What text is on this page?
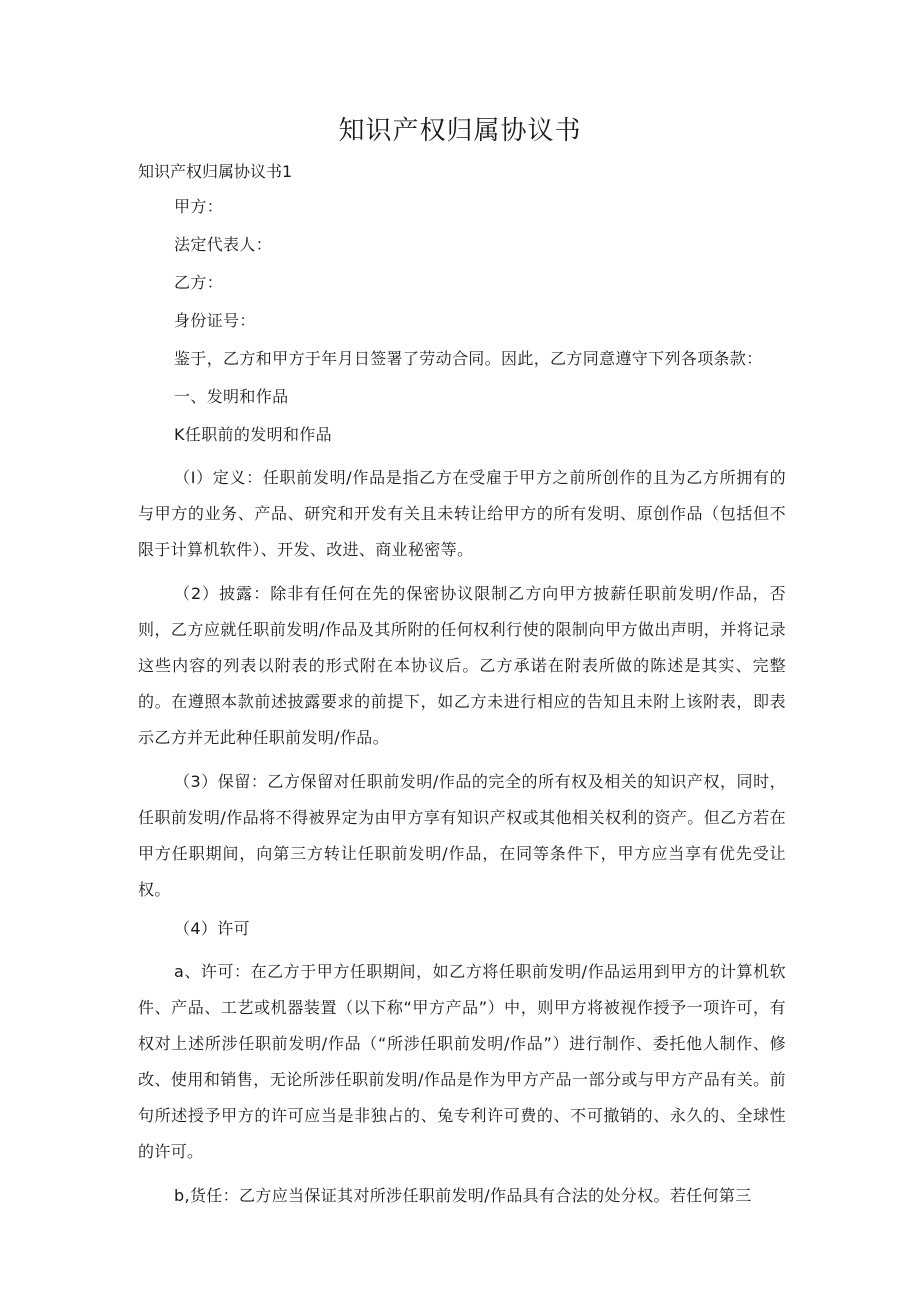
知识产权归属协议书

知识产权归属协议书1

甲方：

法定代表人：

乙方：

身份证号：

鉴于，乙方和甲方于年月日签署了劳动合同。因此，乙方同意遵守下列各项条款：

一、发明和作品

K任职前的发明和作品

（I）定义：任职前发明/作品是指乙方在受雇于甲方之前所创作的且为乙方所拥有的与甲方的业务、产品、研究和开发有关且未转让给甲方的所有发明、原创作品（包括但不限于计算机软件）、开发、改进、商业秘密等。

（2）披露：除非有任何在先的保密协议限制乙方向甲方披薪任职前发明/作品，否则，乙方应就任职前发明/作品及其所附的任何权利行使的限制向甲方做出声明，并将记录这些内容的列表以附表的形式附在本协议后。乙方承诺在附表所做的陈述是其实、完整的。在遵照本款前述披露要求的前提下，如乙方未进行相应的告知且未附上该附表，即表示乙方并无此种任职前发明/作品。

（3）保留：乙方保留对任职前发明/作品的完全的所有权及相关的知识产权，同时，任职前发明/作品将不得被界定为由甲方享有知识产权或其他相关权利的资产。但乙方若在甲方任职期间，向第三方转让任职前发明/作品，在同等条件下，甲方应当享有优先受让权。

（4）许可

a、许可：在乙方于甲方任职期间，如乙方将任职前发明/作品运用到甲方的计算机软件、产品、工艺或机器装置（以下称“甲方产品”）中，则甲方将被视作授予一项许可，有权对上述所涉任职前发明/作品（“所涉任职前发明/作品”）进行制作、委托他人制作、修改、使用和销售，无论所涉任职前发明/作品是作为甲方产品一部分或与甲方产品有关。前句所述授予甲方的许可应当是非独占的、兔专利许可费的、不可撤销的、永久的、全球性的许可。

b,货任：乙方应当保证其对所涉任职前发明/作品具有合法的处分权。若任何第三
